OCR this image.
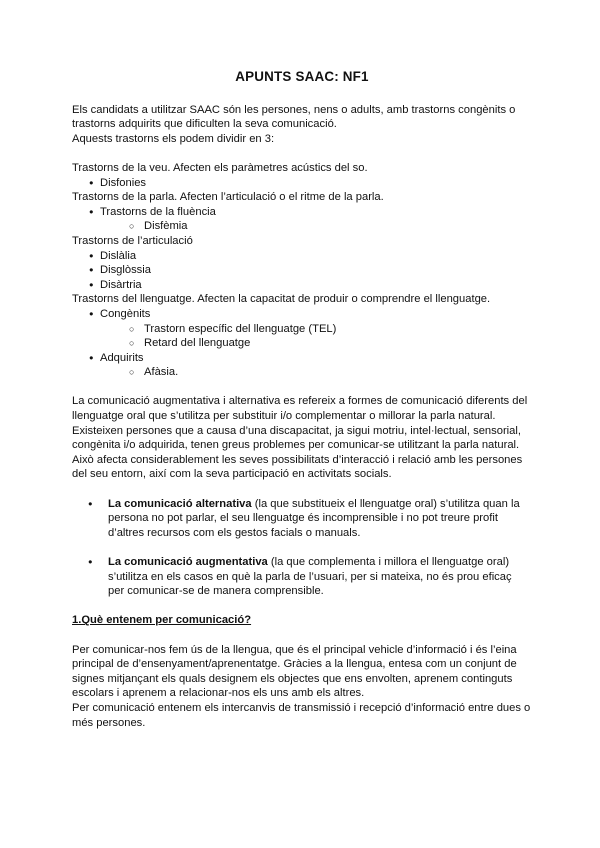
APUNTS SAAC: NF1

Els candidats a utilitzar SAAC són les persones, nens o adults, amb trastorns congènits o

trastorns adquirits que dificulten la seva comunicació.

Aquests trastorns els podem dividir en 3:

Trastorns de la veu. Afecten els paràmetres acústics del so.

● Disfonies

Trastorns de la parla. Afecten l’articulació o el ritme de la parla.

● Trastorns de la fluència

○ Disfèmia

Trastorns de l’articulació

● Dislàlia

● Disglòssia

● Disàrtria

Trastorns del llenguatge. Afecten la capacitat de produir o comprendre el llenguatge.

● Congènits

○ Trastorn específic del llenguatge (TEL)

○ Retard del llenguatge

● Adquirits

○ Afàsia.

La comunicació augmentativa i alternativa es refereix a formes de comunicació diferents del

llenguatge oral que s’utilitza per substituir i/o complementar o millorar la parla natural.

Existeixen persones que a causa d’una discapacitat, ja sigui motriu, intel·lectual, sensorial,

congènita i/o adquirida, tenen greus problemes per comunicar-se utilitzant la parla natural.

Això afecta considerablement les seves possibilitats d’interacció i relació amb les persones

del seu entorn, així com la seva participació en activitats socials.

● La comunicació alternativa (la que substitueix el llenguatge oral) s’utilitza quan la

persona no pot parlar, el seu llenguatge és incomprensible i no pot treure profit

d’altres recursos com els gestos facials o manuals.

● La comunicació augmentativa (la que complementa i millora el llenguatge oral)

s’utilitza en els casos en què la parla de l’usuari, per si mateixa, no és prou eficaç

per comunicar-se de manera comprensible.

1.Què entenem per comunicació?

Per comunicar-nos fem ús de la llengua, que és el principal vehicle d’informació i és l’eina

principal de d’ensenyament/aprenentatge. Gràcies a la llengua, entesa com un conjunt de

signes mitjançant els quals designem els objectes que ens envolten, aprenem continguts

escolars i aprenem a relacionar-nos els uns amb els altres.

Per comunicació entenem els intercanvis de transmissió i recepció d’informació entre dues o

més persones.
